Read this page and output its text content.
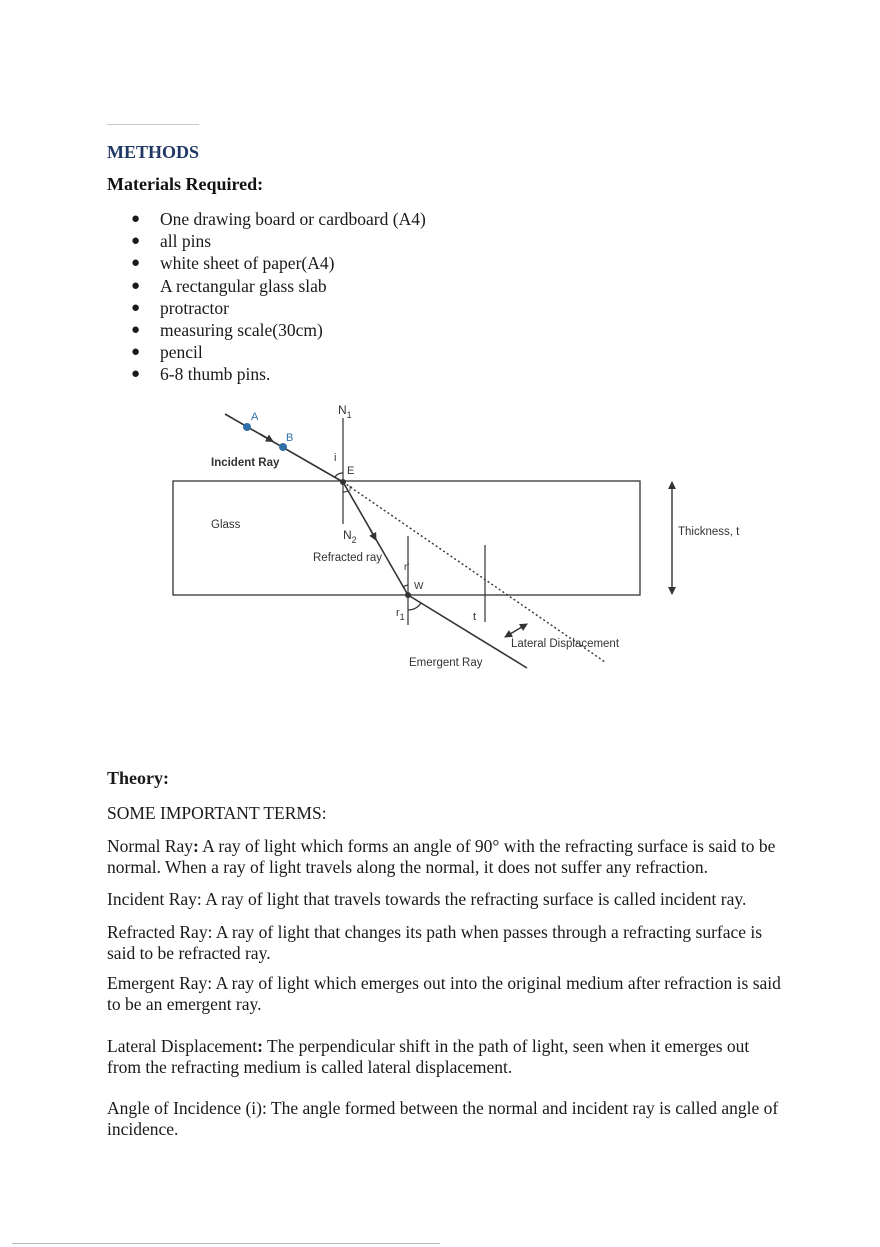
METHODS
Materials Required:
● One drawing board or cardboard (A4)
● all pins
● white sheet of paper(A4)
● A rectangular glass slab
● protractor
● measuring scale(30cm)
● pencil
● 6-8 thumb pins.
A
B
$N_1$
Incident Ray	i
E
r
Glass
$N_2$
Refracted ray
r'
W
$r_1$	t
Thickness, t
Lateral Displacement
Emergent Ray
Theory:

SOME IMPORTANT TERMS:

Normal Ray: A ray of light which forms an angle of 90° with the refracting surface is said to be normal. When a ray of light travels along the normal, it does not suffer any refraction.

Incident Ray: A ray of light that travels towards the refracting surface is called incident ray.

Refracted Ray: A ray of light that changes its path when passes through a refracting surface is said to be refracted ray.

Emergent Ray: A ray of light which emerges out into the original medium after refraction is said to be an emergent ray.

Lateral Displacement: The perpendicular shift in the path of light, seen when it emerges out from the refracting medium is called lateral displacement.

Angle of Incidence (i): The angle formed between the normal and incident ray is called angle of incidence.
